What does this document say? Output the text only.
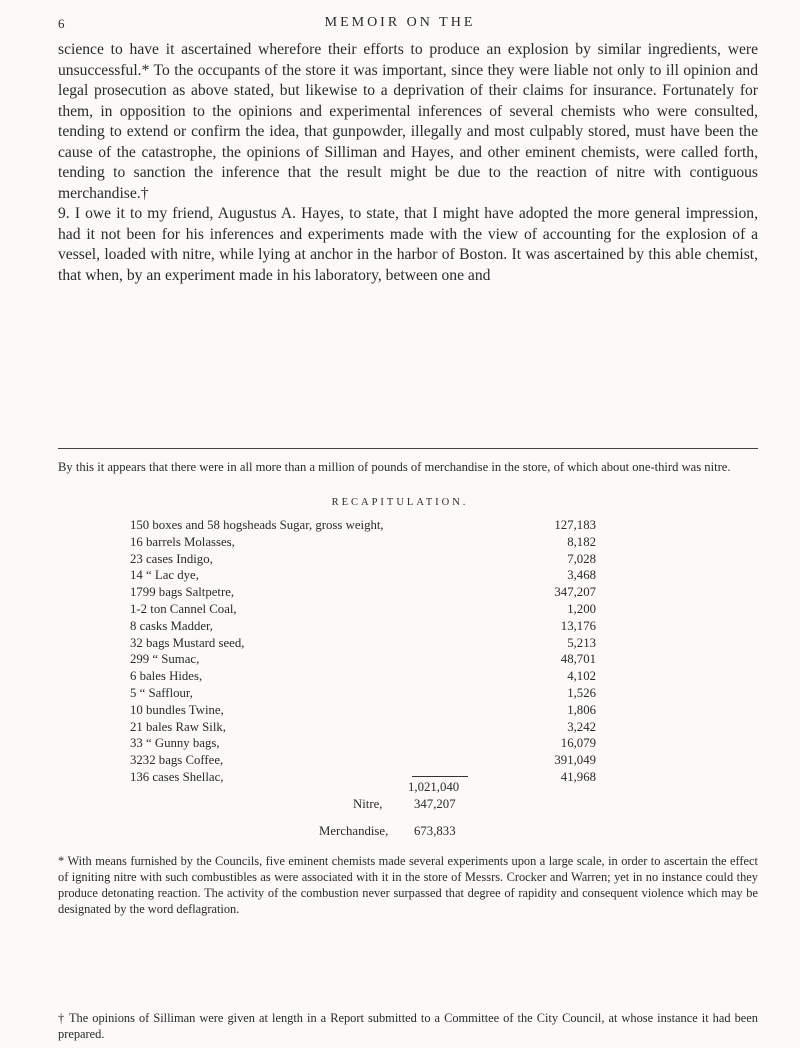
6	MEMOIR ON THE

science to have it ascertained wherefore their efforts to produce an explosion by similar ingredients, were unsuccessful.* To the occupants of the store it was important, since they were liable not only to ill opinion and legal prosecution as above stated, but likewise to a deprivation of their claims for insurance. Fortunately for them, in opposition to the opinions and experimental inferences of several chemists who were consulted, tending to extend or confirm the idea, that gunpowder, illegally and most culpably stored, must have been the cause of the catastrophe, the opinions of Silliman and Hayes, and other eminent chemists, were called forth, tending to sanction the inference that the result might be due to the reaction of nitre with contiguous merchandise.†

9. I owe it to my friend, Augustus A. Hayes, to state, that I might have adopted the more general impression, had it not been for his inferences and experiments made with the view of accounting for the explosion of a vessel, loaded with nitre, while lying at anchor in the harbor of Boston. It was ascertained by this able chemist, that when, by an experiment made in his laboratory, between one and

By this it appears that there were in all more than a million of pounds of merchandise in the store, of which about one-third was nitre.
RECAPITULATION.
150 boxes and 58 hogsheads Sugar, gross weight,	127,183
16 barrels Molasses,	8,182
23 cases Indigo,	7,028
14 “ Lac dye,	3,468
1799 bags Saltpetre,	347,207
1-2 ton Cannel Coal,	1,200
8 casks Madder,	13,176
32 bags Mustard seed,	5,213
299 “ Sumac,	48,701
6 bales Hides,	4,102
5 “ Safflour,	1,526
10 bundles Twine,	1,806
21 bales Raw Silk,	3,242
33 “ Gunny bags,	16,079
3232 bags Coffee,	391,049
136 cases Shellac,	41,968
1,021,040
Nitre, 347,207
Merchandise, 673,833
* With means furnished by the Councils, five eminent chemists made several experiments upon a large scale, in order to ascertain the effect of igniting nitre with such combustibles as were associated with it in the store of Messrs. Crocker and Warren; yet in no instance could they produce detonating reaction. The activity of the combustion never surpassed that degree of rapidity and consequent violence which may be designated by the word deflagration.
† The opinions of Silliman were given at length in a Report submitted to a Committee of the City Council, at whose instance it had been prepared.
